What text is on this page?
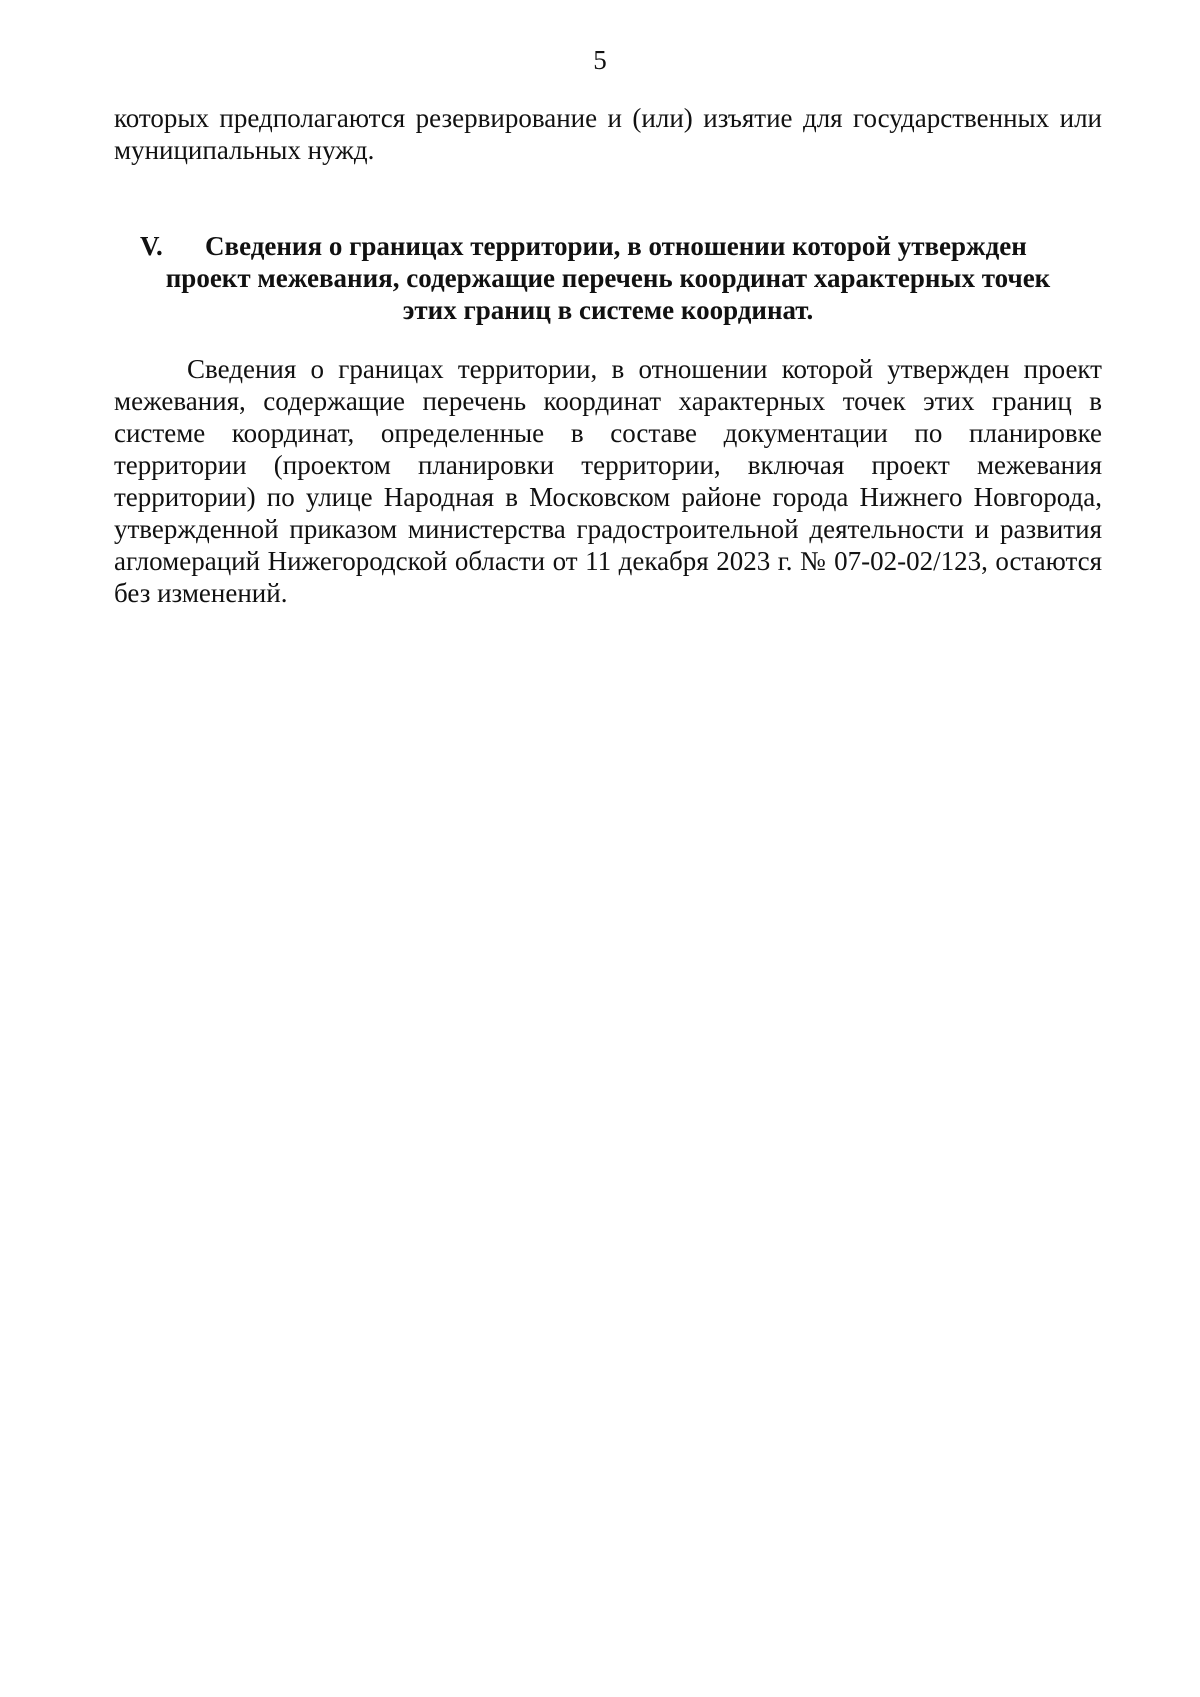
5
которых предполагаются резервирование и (или) изъятие для государственных или муниципальных нужд.
V. Сведения о границах территории, в отношении которой утвержден
проект межевания, содержащие перечень координат характерных точек
этих границ в системе координат.
Сведения о границах территории, в отношении которой утвержден проект межевания, содержащие перечень координат характерных точек этих границ в системе координат, определенные в составе документации по планировке территории (проектом планировки территории, включая проект межевания территории) по улице Народная в Московском районе города Нижнего Новгорода, утвержденной приказом министерства градостроительной деятельности и развития агломераций Нижегородской области от 11 декабря 2023 г. № 07-02-02/123, остаются без изменений.
